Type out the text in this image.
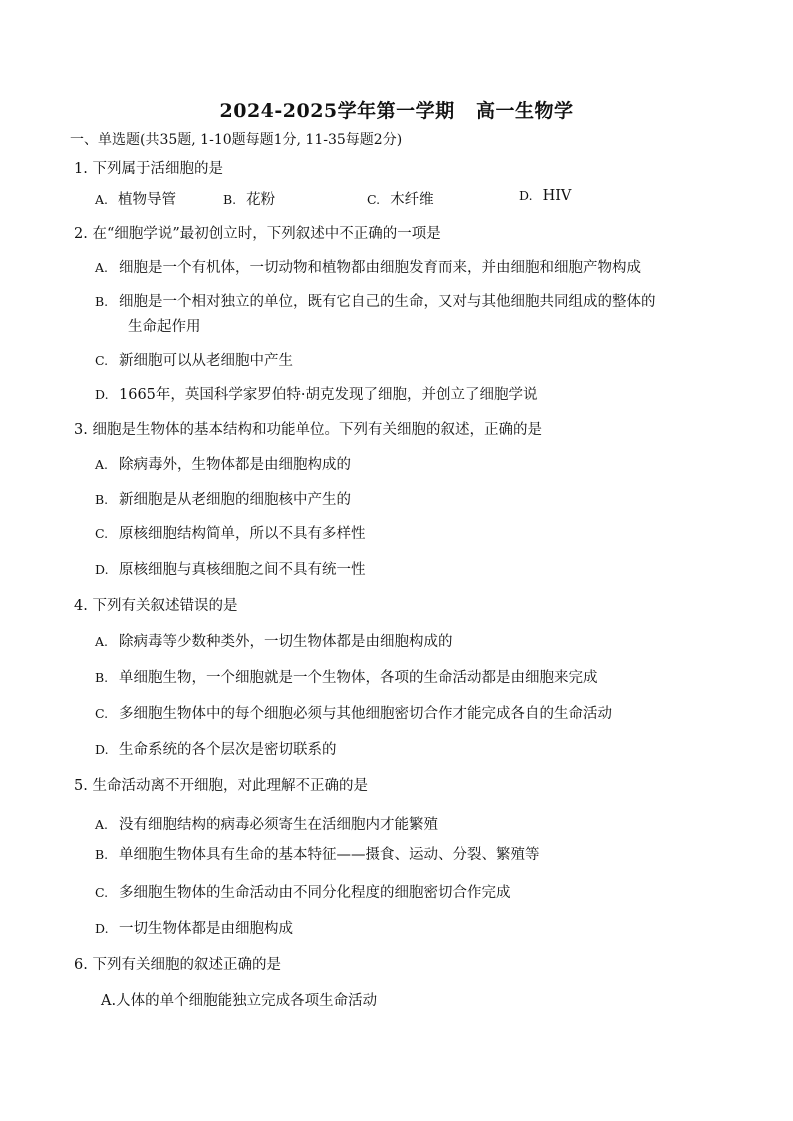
2024-2025学年第一学期   高一生物学
一、单选题(共35题, 1-10题每题1分, 11-35每题2分)
1. 下列属于活细胞的是
A. 植物导管	B. 花粉	C. 木纤维	D. HIV
2. 在“细胞学说”最初创立时，下列叙述中不正确的一项是
A. 细胞是一个有机体，一切动物和植物都由细胞发育而来，并由细胞和细胞产物构成
B. 细胞是一个相对独立的单位，既有它自己的生命，又对与其他细胞共同组成的整体的
生命起作用
C. 新细胞可以从老细胞中产生
D. 1665年，英国科学家罗伯特·胡克发现了细胞，并创立了细胞学说
3. 细胞是生物体的基本结构和功能单位。下列有关细胞的叙述，正确的是
A. 除病毒外，生物体都是由细胞构成的
B. 新细胞是从老细胞的细胞核中产生的
C. 原核细胞结构简单，所以不具有多样性
D. 原核细胞与真核细胞之间不具有统一性
4. 下列有关叙述错误的是
A. 除病毒等少数种类外，一切生物体都是由细胞构成的
B. 单细胞生物，一个细胞就是一个生物体，各项的生命活动都是由细胞来完成
C. 多细胞生物体中的每个细胞必须与其他细胞密切合作才能完成各自的生命活动
D. 生命系统的各个层次是密切联系的
5. 生命活动离不开细胞，对此理解不正确的是
A. 没有细胞结构的病毒必须寄生在活细胞内才能繁殖
B. 单细胞生物体具有生命的基本特征——摄食、运动、分裂、繁殖等
C. 多细胞生物体的生命活动由不同分化程度的细胞密切合作完成
D. 一切生物体都是由细胞构成
6. 下列有关细胞的叙述正确的是
A.人体的单个细胞能独立完成各项生命活动
